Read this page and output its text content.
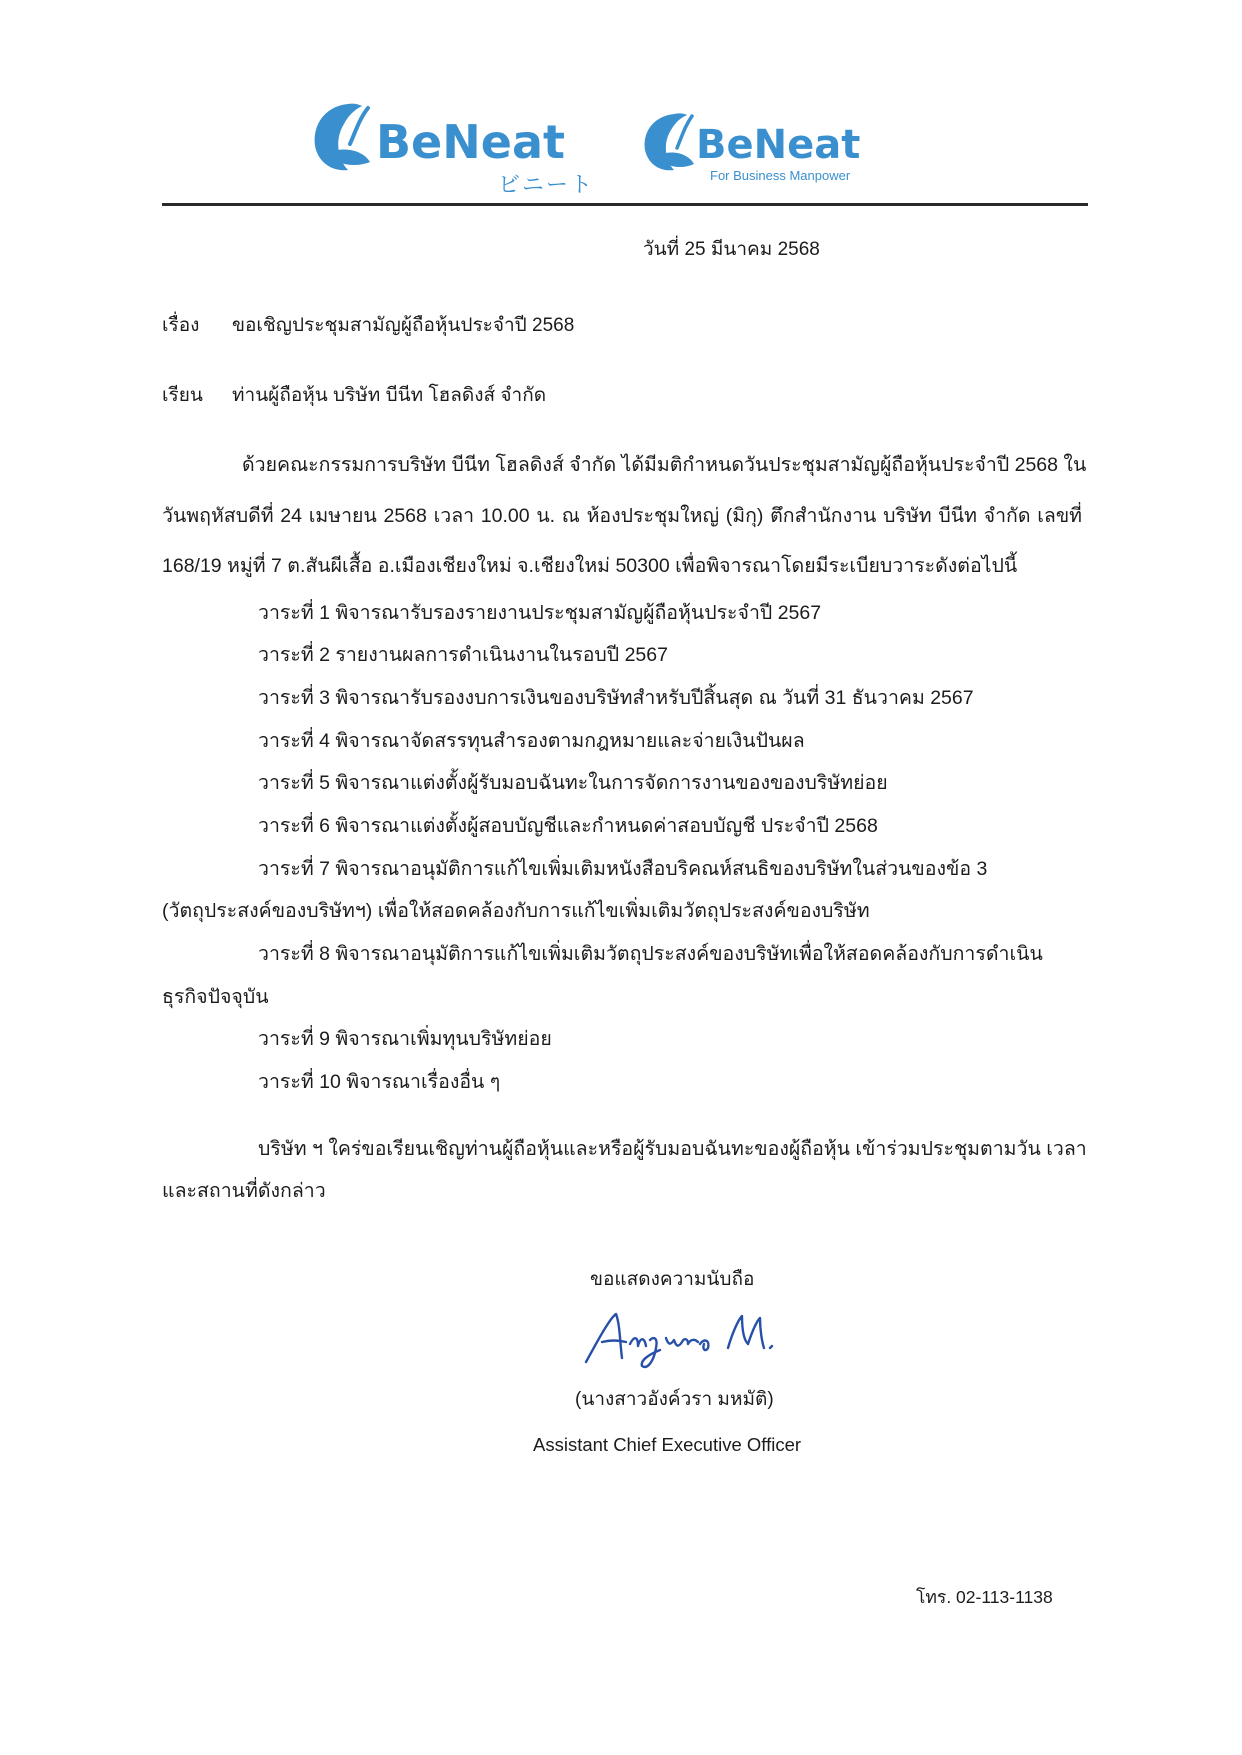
BeNeat
ビニート
BeNeat
For Business Manpower
วันที่ 25 มีนาคม 2568
เรื่อง ขอเชิญประชุมสามัญผู้ถือหุ้นประจำปี 2568
เรียน ท่านผู้ถือหุ้น บริษัท บีนีท โฮลดิงส์ จำกัด
ด้วยคณะกรรมการบริษัท บีนีท โฮลดิงส์ จำกัด ได้มีมติกำหนดวันประชุมสามัญผู้ถือหุ้นประจำปี 2568 ใน
วันพฤหัสบดีที่ 24 เมษายน 2568 เวลา 10.00 น. ณ ห้องประชุมใหญ่ (มิกุ) ตึกสำนักงาน บริษัท บีนีท จำกัด เลขที่
168/19 หมู่ที่ 7 ต.สันผีเสื้อ อ.เมืองเชียงใหม่ จ.เชียงใหม่ 50300 เพื่อพิจารณาโดยมีระเบียบวาระดังต่อไปนี้
วาระที่ 1 พิจารณารับรองรายงานประชุมสามัญผู้ถือหุ้นประจำปี 2567
วาระที่ 2 รายงานผลการดำเนินงานในรอบปี 2567
วาระที่ 3 พิจารณารับรองงบการเงินของบริษัทสำหรับปีสิ้นสุด ณ วันที่ 31 ธันวาคม 2567
วาระที่ 4 พิจารณาจัดสรรทุนสำรองตามกฎหมายและจ่ายเงินปันผล
วาระที่ 5 พิจารณาแต่งตั้งผู้รับมอบฉันทะในการจัดการงานของของบริษัทย่อย
วาระที่ 6 พิจารณาแต่งตั้งผู้สอบบัญชีและกำหนดค่าสอบบัญชี ประจำปี 2568
วาระที่ 7 พิจารณาอนุมัติการแก้ไขเพิ่มเติมหนังสือบริคณห์สนธิของบริษัทในส่วนของข้อ 3
(วัตถุประสงค์ของบริษัทฯ) เพื่อให้สอดคล้องกับการแก้ไขเพิ่มเติมวัตถุประสงค์ของบริษัท
วาระที่ 8 พิจารณาอนุมัติการแก้ไขเพิ่มเติมวัตถุประสงค์ของบริษัทเพื่อให้สอดคล้องกับการดำเนิน
ธุรกิจปัจจุบัน
วาระที่ 9 พิจารณาเพิ่มทุนบริษัทย่อย
วาระที่ 10 พิจารณาเรื่องอื่น ๆ
บริษัท ฯ ใคร่ขอเรียนเชิญท่านผู้ถือหุ้นและหรือผู้รับมอบฉันทะของผู้ถือหุ้น เข้าร่วมประชุมตามวัน เวลา
และสถานที่ดังกล่าว
ขอแสดงความนับถือ
(นางสาวอังค์วรา มหมัติ)
Assistant Chief Executive Officer
โทร. 02-113-1138
